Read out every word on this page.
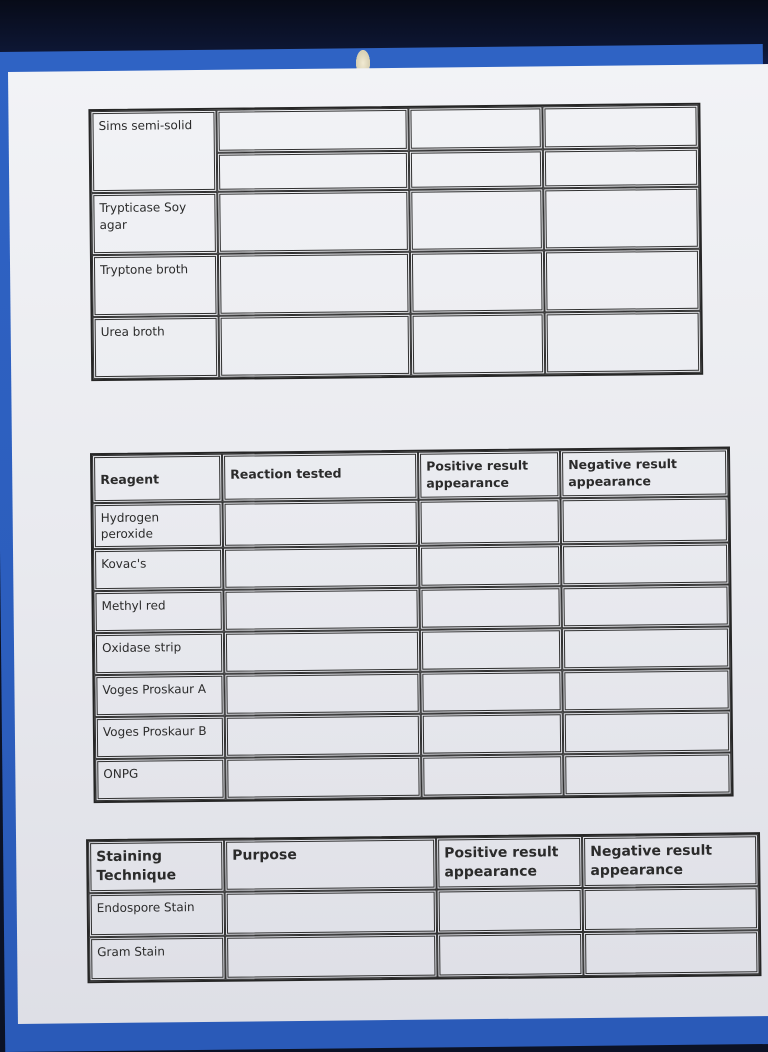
Sims semi-solid			

Trypticase Soy agar			
Tryptone broth			
Urea broth			
Reagent	Reaction tested	Positive result appearance	Negative result appearance
Hydrogen peroxide			
Kovac's			
Methyl red			
Oxidase strip			
Voges Proskaur A			
Voges Proskaur B			
ONPG			
Staining Technique	Purpose	Positive result appearance	Negative result appearance
Endospore Stain			
Gram Stain			
